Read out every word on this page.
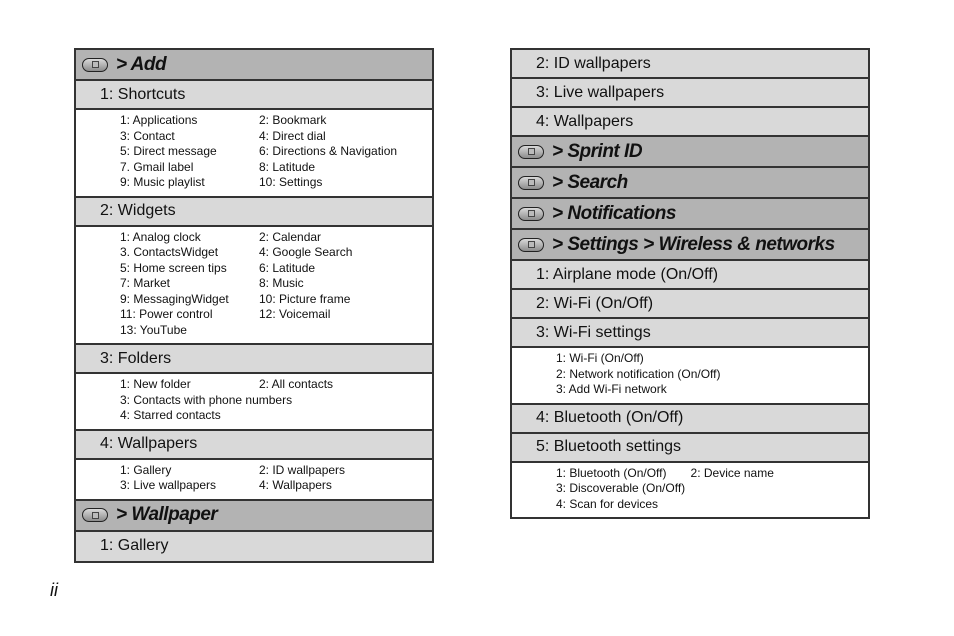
> Add
1: Shortcuts
1: Applications	2: Bookmark
3: Contact	4: Direct dial
5: Direct message	6: Directions & Navigation
7. Gmail label	8: Latitude
9: Music playlist	10: Settings
2: Widgets
1: Analog clock	2: Calendar
3. ContactsWidget	4: Google Search
5: Home screen tips	6: Latitude
7: Market	8: Music
9: MessagingWidget	10: Picture frame
11: Power control	12: Voicemail
13: YouTube
3: Folders
1: New folder	2: All contacts
3: Contacts with phone numbers
4: Starred contacts
4: Wallpapers
1: Gallery	2: ID wallpapers
3: Live wallpapers	4: Wallpapers
> Wallpaper
1: Gallery
2: ID wallpapers
3: Live wallpapers
4: Wallpapers
> Sprint ID
> Search
> Notifications
> Settings > Wireless & networks
1: Airplane mode (On/Off)
2: Wi-Fi (On/Off)
3: Wi-Fi settings
1: Wi-Fi (On/Off)
2: Network notification (On/Off)
3: Add Wi-Fi network
4: Bluetooth (On/Off)
5: Bluetooth settings
1: Bluetooth (On/Off) 2: Device name
3: Discoverable (On/Off)
4: Scan for devices
ii
